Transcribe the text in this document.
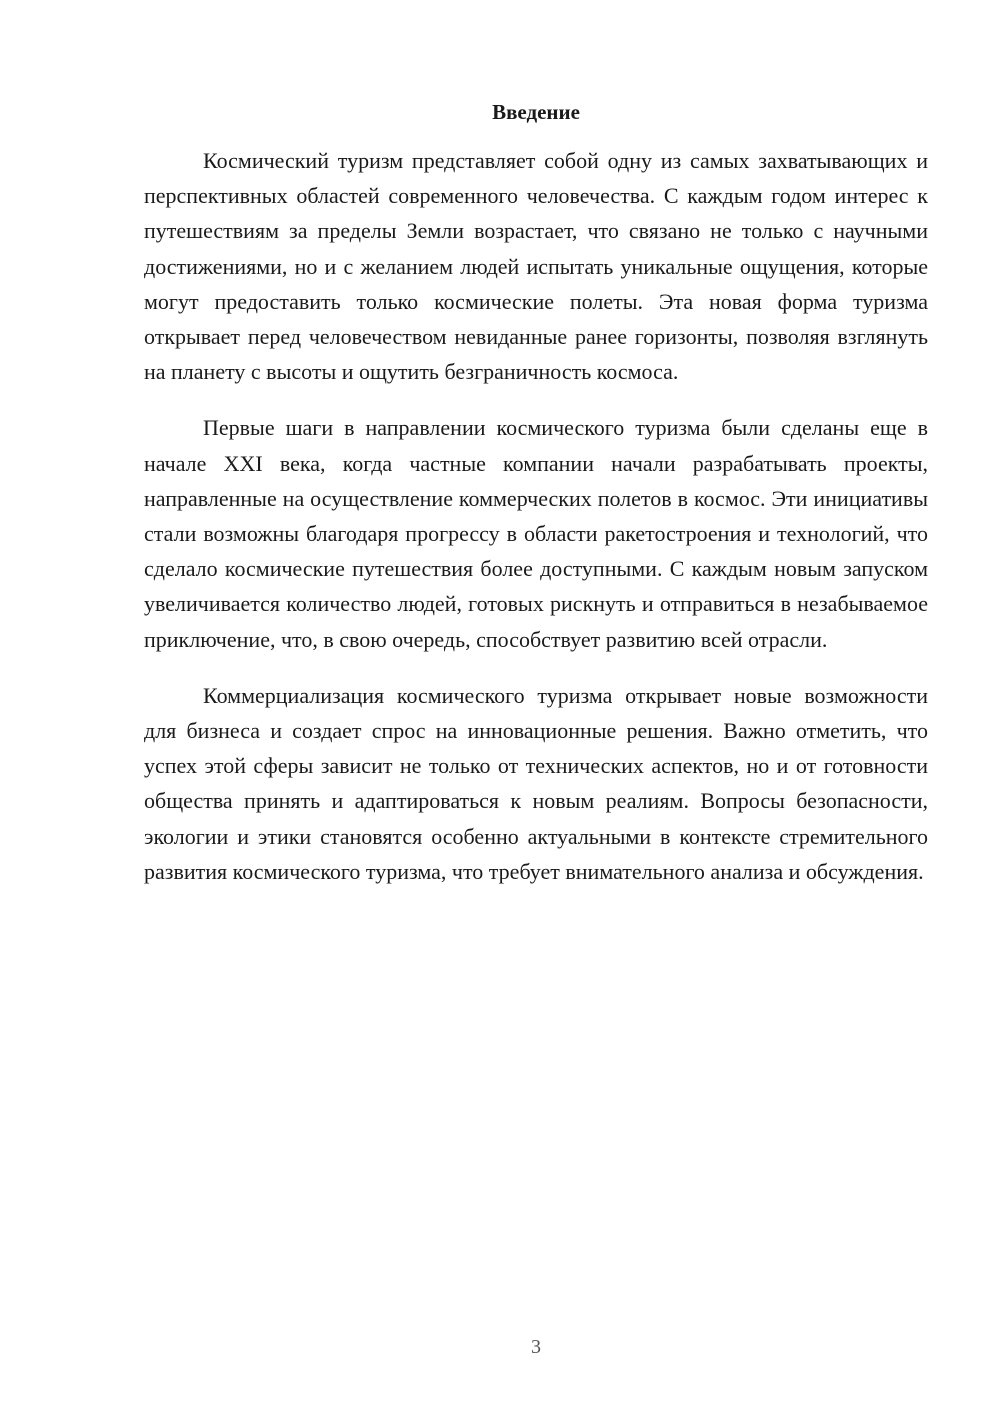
Введение

Космический туризм представляет собой одну из самых захватывающих и перспективных областей современного человечества. С каждым годом интерес к путешествиям за пределы Земли возрастает, что связано не только с научными достижениями, но и с желанием людей испытать уникальные ощущения, которые могут предоставить только космические полеты. Эта новая форма туризма открывает перед человечеством невиданные ранее горизонты, позволяя взглянуть на планету с высоты и ощутить безграничность космоса.

Первые шаги в направлении космического туризма были сделаны еще в начале XXI века, когда частные компании начали разрабатывать проекты, направленные на осуществление коммерческих полетов в космос. Эти инициативы стали возможны благодаря прогрессу в области ракетостроения и технологий, что сделало космические путешествия более доступными. С каждым новым запуском увеличивается количество людей, готовых рискнуть и отправиться в незабываемое приключение, что, в свою очередь, способствует развитию всей отрасли.

Коммерциализация космического туризма открывает новые возможности для бизнеса и создает спрос на инновационные решения. Важно отметить, что успех этой сферы зависит не только от технических аспектов, но и от готовности общества принять и адаптироваться к новым реалиям. Вопросы безопасности, экологии и этики становятся особенно актуальными в контексте стремительного развития космического туризма, что требует внимательного анализа и обсуждения.

3
